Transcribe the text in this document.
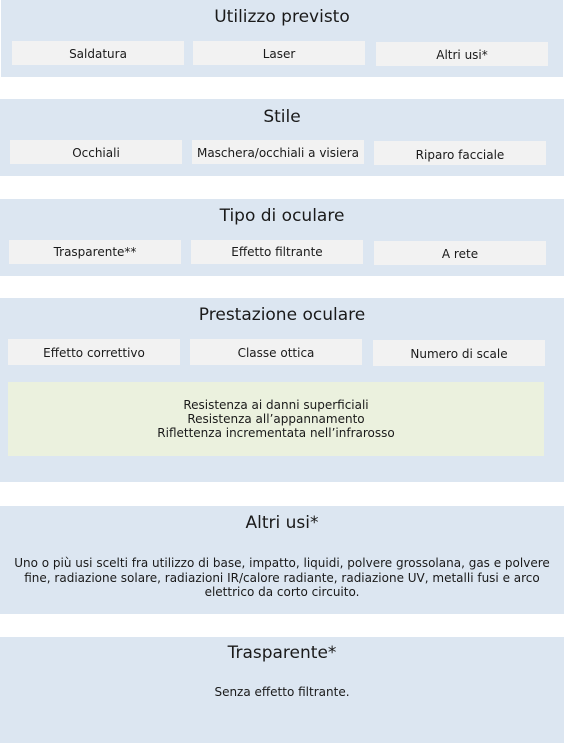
Utilizzo previsto
Saldatura	Laser	Altri usi*
Stile
Occhiali	Maschera/occhiali a visiera	Riparo facciale
Tipo di oculare
Trasparente**	Effetto filtrante	A rete
Prestazione oculare
Effetto correttivo	Classe ottica	Numero di scale
Resistenza ai danni superficiali
Resistenza all’appannamento
Riflettenza incrementata nell’infrarosso
Altri usi*
Uno o più usi scelti fra utilizzo di base, impatto, liquidi, polvere grossolana, gas e polvere fine, radiazione solare, radiazioni IR/calore radiante, radiazione UV, metalli fusi e arco elettrico da corto circuito.
Trasparente*
Senza effetto filtrante.
